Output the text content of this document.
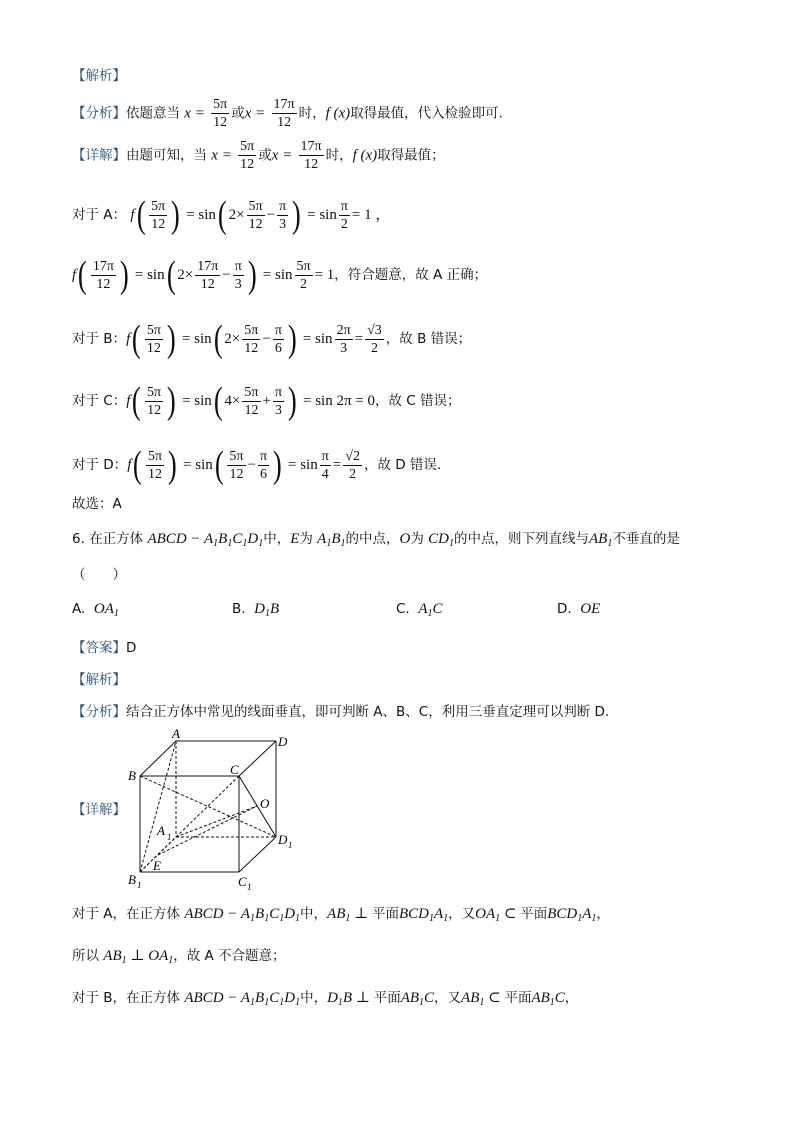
【解析】
【分析】依题意当 $x = \frac{5\pi}{12}$ 或$x = \frac{17\pi}{12}$ 时，f (x)取得最值，代入检验即可.
【详解】由题可知，当 $x = \frac{5\pi}{12}$ 或$x = \frac{17\pi}{12}$ 时，f (x)取得最值；
对于 A： $f( \frac{5\pi}{12}$ ) = sin( $2\times \frac{5\pi}{12} - \frac{\pi}{3}$ ) = $\sin \frac{\pi}{2} = 1$ ，
$f( \frac{17\pi}{12}$ ) = sin( $2\times \frac{17\pi}{12} - \frac{\pi}{3}$ ) = $\sin \frac{5\pi}{2} = 1$，符合题意，故 A 正确；
对于 B：$f( \frac{5\pi}{12}$ ) = sin( $2\times \frac{5\pi}{12} - \frac{\pi}{6}$ ) = $\sin \frac{2\pi}{3} = \frac{√3}{2}$ ，故 B 错误；
对于 C：$f( \frac{5\pi}{12}$ ) = sin( $4\times \frac{5\pi}{12} + \frac{\pi}{3}$ ) = sin 2π = 0，故 C 错误；
对于 D：$f( \frac{5\pi}{12}$ ) = $\sin( \frac{5\pi}{12} - \frac{\pi}{6}$ ) = $\sin \frac{\pi}{4} = \frac{√2}{2}$ ，故 D 错误.
故选：A
6. 在正方体 ABCD − $A_1B_1C_1D_1$中，E为 $A_1B_1$的中点，O为 $CD_1$的中点，则下列直线与$AB_1$不垂直的是
（　　）
A. $OA_1$	B. $D_1B$	C. $A_1C$	D. OE
【答案】D
【解析】
【分析】结合正方体中常见的线面垂直，即可判断 A、B、C，利用三垂直定理可以判断 D.
【详解】
A
D
B	C
O
A 1	D 1
E
B 1	C 1
对于 A，在正方体 ABCD − $A_1B_1C_1D_1$中，$AB_1$ ⊥ 平面$BCD_1A_1$，又$OA_1$ ⊂ 平面$BCD_1A_1$，
所以 $AB_1$ ⊥ $OA_1$，故 A 不合题意；
对于 B，在正方体 ABCD − $A_1B_1C_1D_1$中，$D_1B$ ⊥ 平面$AB_1C$，又$AB_1$ ⊂ 平面$AB_1C$，
